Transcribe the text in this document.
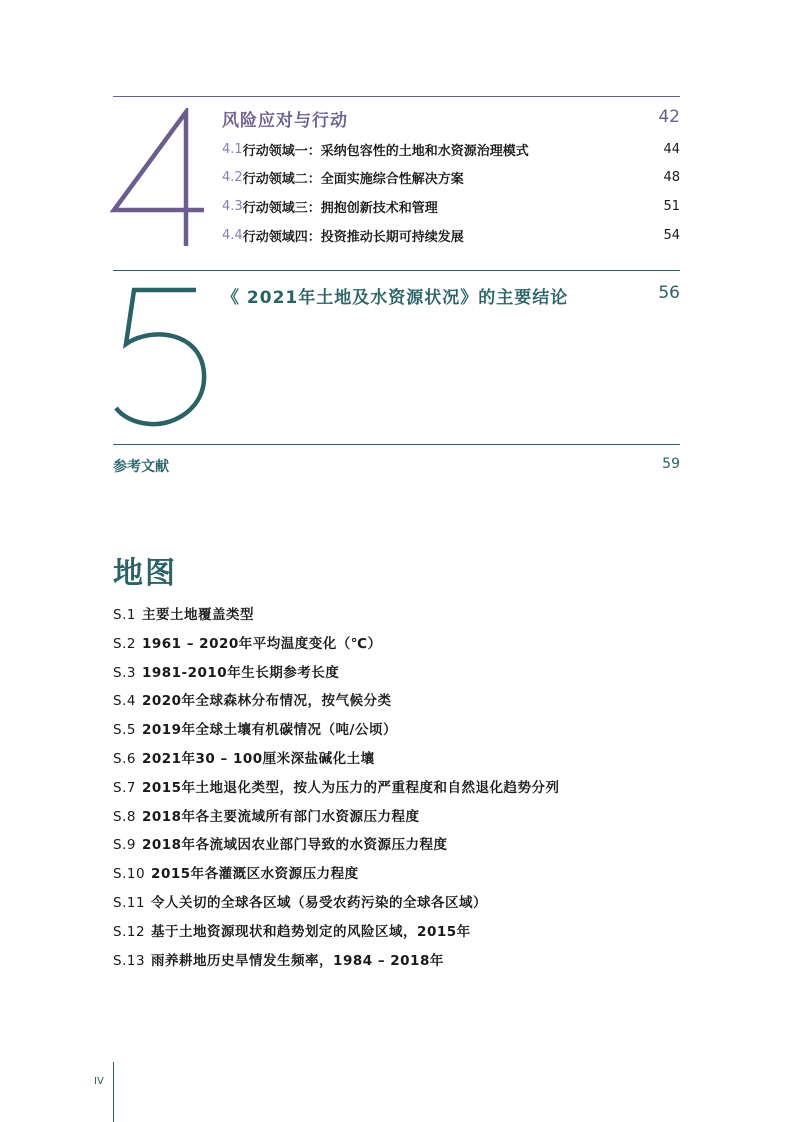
风险应对与行动	42
4.1 行动领域一：采纳包容性的土地和水资源治理模式	44
4.2 行动领域二：全面实施综合性解决方案	48
4.3 行动领域三：拥抱创新技术和管理	51
4.4 行动领域四：投资推动长期可持续发展	54
《 2021年土地及水资源状况》的主要结论	56
参考文献	59
地图
S.1 主要土地覆盖类型
S.2 1961 – 2020年平均温度变化（℃）
S.3 1981-2010年生长期参考长度
S.4 2020年全球森林分布情况，按气候分类
S.5 2019年全球土壤有机碳情况（吨/公顷）
S.6 2021年30 – 100厘米深盐碱化土壤
S.7 2015年土地退化类型，按人为压力的严重程度和自然退化趋势分列
S.8 2018年各主要流域所有部门水资源压力程度
S.9 2018年各流域因农业部门导致的水资源压力程度
S.10 2015年各灌溉区水资源压力程度
S.11 令人关切的全球各区域（易受农药污染的全球各区域）
S.12 基于土地资源现状和趋势划定的风险区域，2015年
S.13 雨养耕地历史旱情发生频率，1984 – 2018年
IV
